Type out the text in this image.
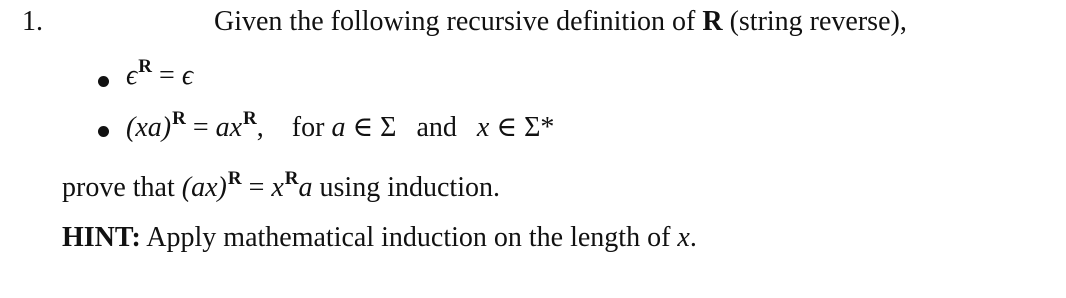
1.	Given the following recursive definition of R (string reverse),
$\epsilon^R = \epsilon$
$(xa)^R = ax^R$, for a ∈ Σ and x ∈ Σ*
prove that $(ax)^R = x^Ra$ using induction.
HINT: Apply mathematical induction on the length of x.
